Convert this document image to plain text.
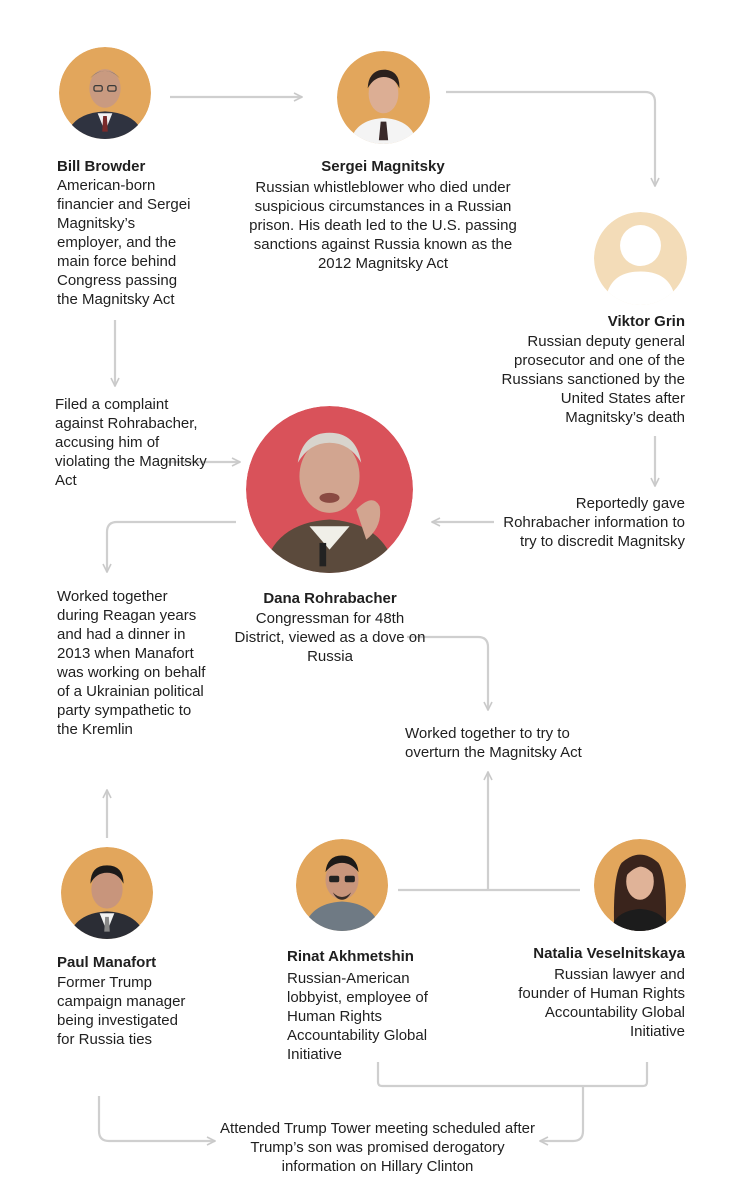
Bill Browder
American-born financier and Sergei Magnitsky’s employer, and the main force behind Congress passing the Magnitsky Act
Sergei Magnitsky
Russian whistleblower who died under suspicious circumstances in a Russian prison. His death led to the U.S. passing sanctions against Russia known as the 2012 Magnitsky Act
Viktor Grin
Russian deputy general prosecutor and one of the Russians sanctioned by the United States after Magnitsky’s death
Dana Rohrabacher
Congressman for 48th District, viewed as a dove on Russia
Paul Manafort
Former Trump campaign manager being investigated for Russia ties
Rinat Akhmetshin
Russian-American lobbyist, employee of Human Rights Accountability Global Initiative
Natalia Veselnitskaya
Russian lawyer and founder of Human Rights Accountability Global Initiative
Filed a complaint against Rohrabacher, accusing him of violating the Magnitsky Act
Reportedly gave Rohrabacher information to try to discredit Magnitsky
Worked together during Reagan years and had a dinner in 2013 when Manafort was working on behalf of a Ukrainian political party sympathetic to the Kremlin	Worked together to try to overturn the Magnitsky Act
Attended Trump Tower meeting scheduled after Trump’s son was promised derogatory information on Hillary Clinton
